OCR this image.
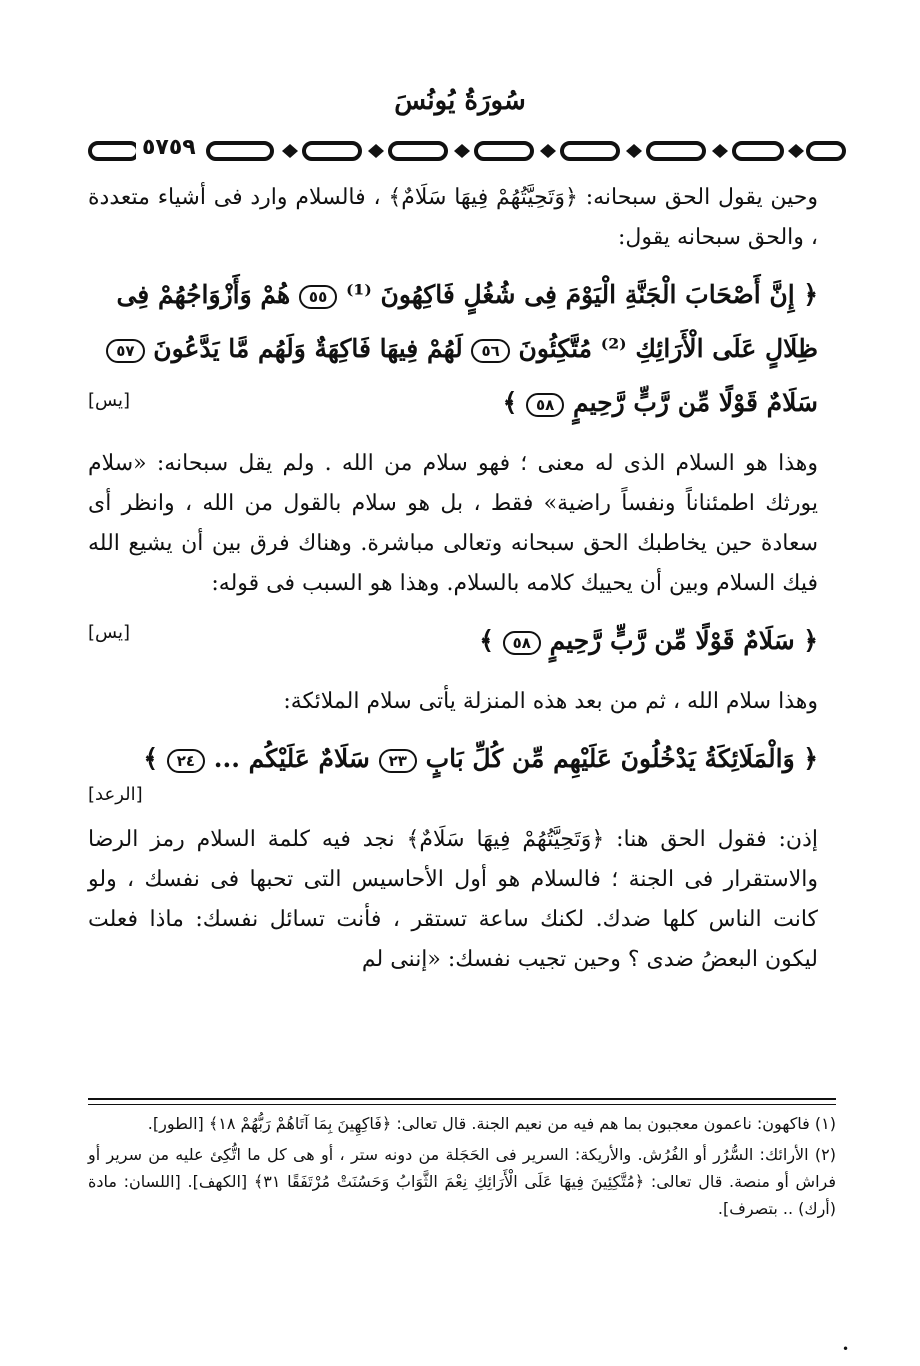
سُورَةُ يُونُسَ
٥٧٥٩

وحين يقول الحق سبحانه: ﴿وَتَحِيَّتُهُمْ فِيهَا سَلَامٌ﴾ ، فالسلام وارد فى أشياء متعددة ، والحق سبحانه يقول:

﴿ إِنَّ أَصْحَابَ الْجَنَّةِ الْيَوْمَ فِى شُغُلٍ فَاكِهُونَ ⁽¹⁾ ٥٥ هُمْ وَأَزْوَاجُهُمْ فِى
ظِلَالٍ عَلَى الْأَرَائِكِ ⁽²⁾ مُتَّكِئُونَ ٥٦ لَهُمْ فِيهَا فَاكِهَةٌ وَلَهُم مَّا يَدَّعُونَ ٥٧
سَلَامٌ قَوْلًا مِّن رَّبٍّ رَّحِيمٍ ٥٨ ﴾
[يس]

وهذا هو السلام الذى له معنى ؛ فهو سلام من الله . ولم يقل سبحانه: «سلام يورثك اطمئناناً ونفساً راضية» فقط ، بل هو سلام بالقول من الله ، وانظر أى سعادة حين يخاطبك الحق سبحانه وتعالى مباشرة. وهناك فرق بين أن يشيع الله فيك السلام وبين أن يحييك كلامه بالسلام. وهذا هو السبب فى قوله:

﴿ سَلَامٌ قَوْلًا مِّن رَّبٍّ رَّحِيمٍ ٥٨ ﴾
[يس]

وهذا سلام الله ، ثم من بعد هذه المنزلة يأتى سلام الملائكة:

﴿ وَالْمَلَائِكَةُ يَدْخُلُونَ عَلَيْهِم مِّن كُلِّ بَابٍ ٢٣ سَلَامٌ عَلَيْكُم ... ٢٤ ﴾
[الرعد]

إذن: فقول الحق هنا: ﴿وَتَحِيَّتُهُمْ فِيهَا سَلَامٌ﴾ نجد فيه كلمة السلام رمز الرضا والاستقرار فى الجنة ؛ فالسلام هو أول الأحاسيس التى تحبها فى نفسك ، ولو كانت الناس كلها ضدك. لكنك ساعة تستقر ، فأنت تسائل نفسك: ماذا فعلت ليكون البعضُ ضدى ؟ وحين تجيب نفسك: «إننى لم

(١) فاكهون: ناعمون معجبون بما هم فيه من نعيم الجنة. قال تعالى: ﴿فَاكِهِينَ بِمَا آتَاهُمْ رَبُّهُمْ ١٨﴾ [الطور].

(٢) الأرائك: السُّرُر أو الفُرُش. والأريكة: السرير فى الحَجَلة من دونه ستر ، أو هى كل ما اتُّكِئ عليه من سرير أو فراش أو منصة. قال تعالى: ﴿مُتَّكِئِينَ فِيهَا عَلَى الْأَرَائِكِ نِعْمَ الثَّوَابُ وَحَسُنَتْ مُرْتَفَقًا ٣١﴾ [الكهف]. [اللسان: مادة (أرك) .. بتصرف].

•
